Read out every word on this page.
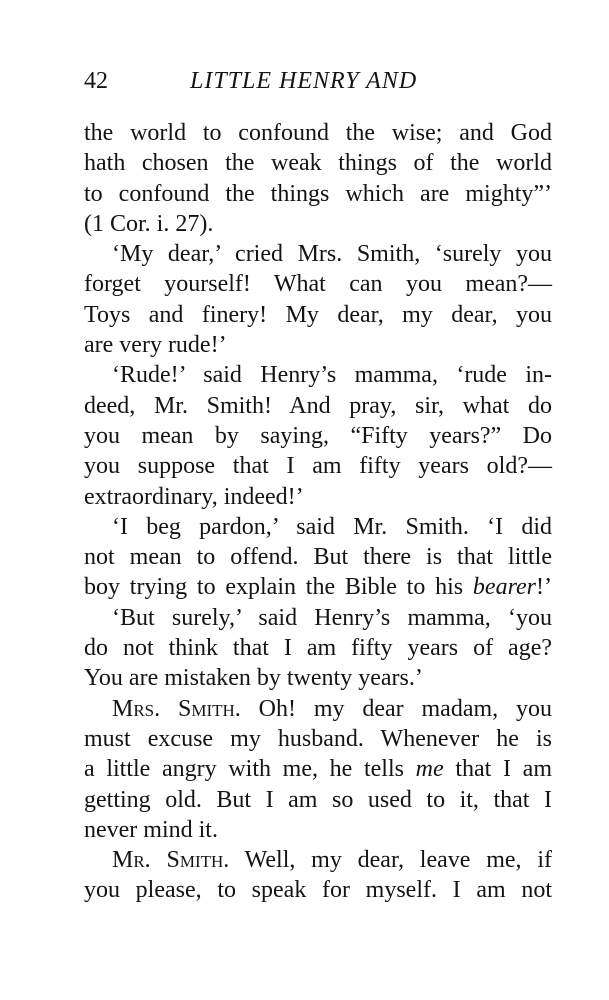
42	LITTLE HENRY AND
the world to confound the wise; and God
hath chosen the weak things of the world
to confound the things which are mighty”’
(1 Cor. i. 27).
‘My dear,’ cried Mrs. Smith, ‘surely you
forget yourself! What can you mean?—
Toys and finery! My dear, my dear, you
are very rude!’
‘Rude!’ said Henry’s mamma, ‘rude in-
deed, Mr. Smith! And pray, sir, what do
you mean by saying, “Fifty years?” Do
you suppose that I am fifty years old?—
extraordinary, indeed!’
‘I beg pardon,’ said Mr. Smith. ‘I did
not mean to offend. But there is that little
boy trying to explain the Bible to his bearer!’
‘But surely,’ said Henry’s mamma, ‘you
do not think that I am fifty years of age?
You are mistaken by twenty years.’
Mrs. Smith. Oh! my dear madam, you
must excuse my husband. Whenever he is
a little angry with me, he tells me that I am
getting old. But I am so used to it, that I
never mind it.
Mr. Smith. Well, my dear, leave me, if
you please, to speak for myself. I am not
